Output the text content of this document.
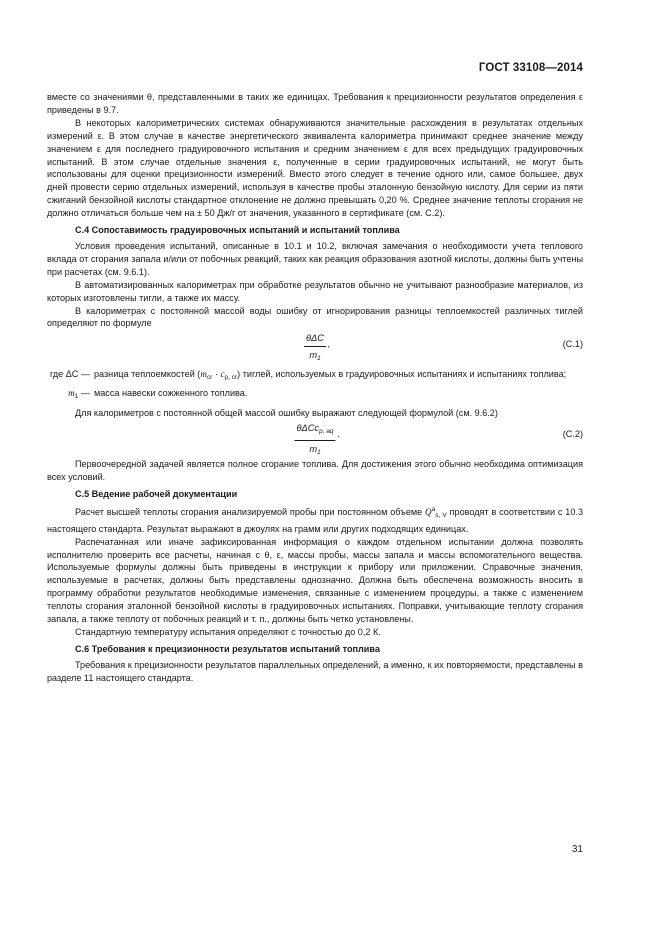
ГОСТ 33108—2014

вместе со значениями θ, представленными в таких же единицах. Требования к прецизионности результатов определения ε приведены в 9.7.

В некоторых калориметрических системах обнаруживаются значительные расхождения в результатах отдельных измерений ε. В этом случае в качестве энергетического эквивалента калориметра принимают среднее значение между значением ε для последнего градуировочного испытания и средним значением ε для всех предыдущих градуировочных испытаний. В этом случае отдельные значения ε, полученные в серии градуировочных испытаний, не могут быть использованы для оценки прецизионности измерений. Вместо этого следует в течение одного или, самое большее, двух дней провести серию отдельных измерений, используя в качестве пробы эталонную бензойную кислоту. Для серии из пяти сжиганий бензойной кислоты стандартное отклонение не должно превышать 0,20 %. Среднее значение теплоты сгорания не должно отличаться больше чем на ± 50 Дж/г от значения, указанного в сертификате (см. С.2).

С.4 Сопоставимость градуировочных испытаний и испытаний топлива

Условия проведения испытаний, описанные в 10.1 и 10.2, включая замечания о необходимости учета теплового вклада от сгорания запала и/или от побочных реакций, таких как реакция образования азотной кислоты, должны быть учтены при расчетах (см. 9.6.1).

В автоматизированных калориметрах при обработке результатов обычно не учитывают разнообразие материалов, из которых изготовлены тигли, а также их массу.

В калориметрах с постоянной массой воды ошибку от игнорирования разницы теплоемкостей различных тиглей определяют по формуле

θΔC
$m_1$
,	(С.1)
где ΔC — разница теплоемкостей $(m_{cr} \cdot c_{p, cr})$ тиглей, используемых в градуировочных испытаниях и испытаниях топлива;
$m_1$ — масса навески сожженного топлива.

Для калориметров с постоянной общей массой ошибку выражают следующей формулой (см. 9.6.2)

θΔCc$_{p, aq}$
$m_1$
.	(С.2)

Первоочередной задачей является полное сгорание топлива. Для достижения этого обычно необходима оптимизация всех условий.

С.5 Ведение рабочей документации

Расчет высшей теплоты сгорания анализируемой пробы при постоянном объеме $Q^a_{s, V}$ проводят в соответствии с 10.3 настоящего стандарта. Результат выражают в джоулях на грамм или других подходящих единицах.

Распечатанная или иначе зафиксированная информация о каждом отдельном испытании должна позволять исполнителю проверить все расчеты, начиная с θ, ε, массы пробы, массы запала и массы вспомогательного вещества. Используемые формулы должны быть приведены в инструкции к прибору или приложении. Справочные значения, используемые в расчетах, должны быть представлены однозначно. Должна быть обеспечена возможность вносить в программу обработки результатов необходимые изменения, связанные с изменением процедуры, а также с изменением теплоты сгорания эталонной бензойной кислоты в градуировочных испытаниях. Поправки, учитывающие теплоту сгорания запала, а также теплоту от побочных реакций и т. п., должны быть четко установлены.

Стандартную температуру испытания определяют с точностью до 0,2 К.

С.6 Требования к прецизионности результатов испытаний топлива

Требования к прецизионности результатов параллельных определений, а именно, к их повторяемости, представлены в разделе 11 настоящего стандарта.

31
